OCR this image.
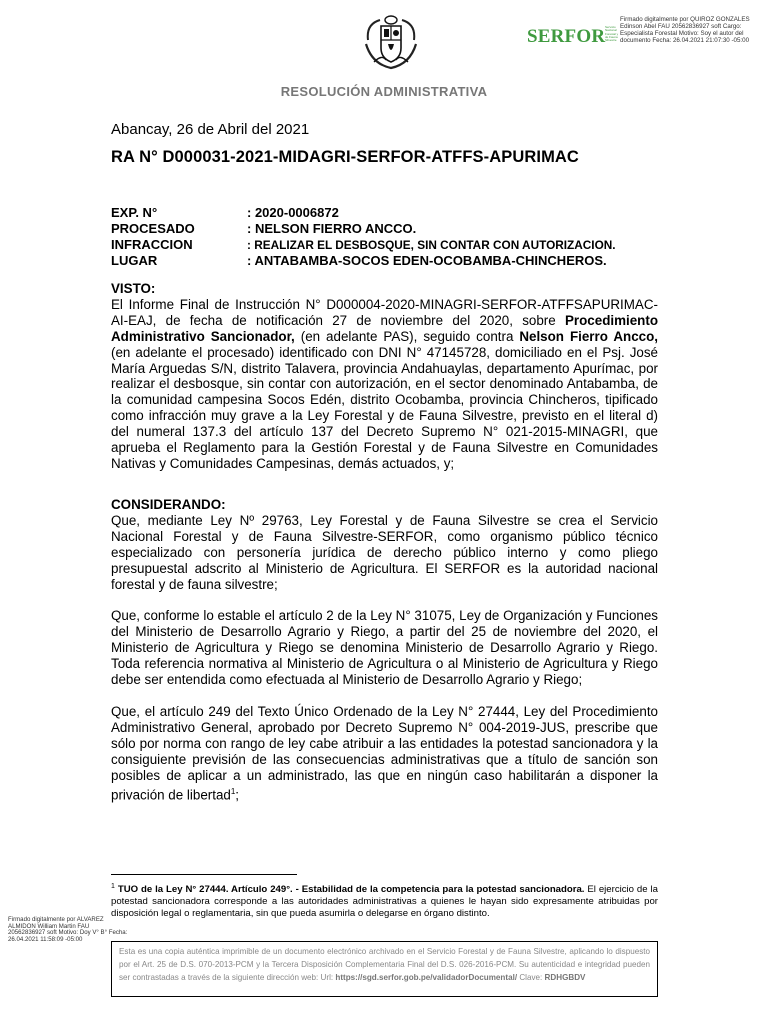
SERFOR Servicio Nacional Forestal y de Fauna Silvestre
Firmado digitalmente por QUIROZ GONZALES Edinson Abel FAU 20562836927 soft Cargo: Especialista Forestal Motivo: Soy el autor del documento Fecha: 26.04.2021 21:07:30 -05:00
RESOLUCIÓN ADMINISTRATIVA
Abancay, 26 de Abril del 2021
RA N° D000031-2021-MIDAGRI-SERFOR-ATFFS-APURIMAC
EXP. N°	: 2020-0006872
PROCESADO	: NELSON FIERRO ANCCO.
INFRACCION	: REALIZAR EL DESBOSQUE, SIN CONTAR CON AUTORIZACION.
LUGAR	: ANTABAMBA-SOCOS EDEN-OCOBAMBA-CHINCHEROS.
VISTO:

El Informe Final de Instrucción N° D000004-2020-MINAGRI-SERFOR-ATFFSAPURIMAC-AI-EAJ, de fecha de notificación 27 de noviembre del 2020, sobre Procedimiento Administrativo Sancionador, (en adelante PAS), seguido contra Nelson Fierro Ancco, (en adelante el procesado) identificado con DNI N° 47145728, domiciliado en el Psj. José María Arguedas S/N, distrito Talavera, provincia Andahuaylas, departamento Apurímac, por realizar el desbosque, sin contar con autorización, en el sector denominado Antabamba, de la comunidad campesina Socos Edén, distrito Ocobamba, provincia Chincheros, tipificado como infracción muy grave a la Ley Forestal y de Fauna Silvestre, previsto en el literal d) del numeral 137.3 del artículo 137 del Decreto Supremo N° 021-2015-MINAGRI, que aprueba el Reglamento para la Gestión Forestal y de Fauna Silvestre en Comunidades Nativas y Comunidades Campesinas, demás actuados, y;

CONSIDERANDO:

Que, mediante Ley Nº 29763, Ley Forestal y de Fauna Silvestre se crea el Servicio Nacional Forestal y de Fauna Silvestre-SERFOR, como organismo público técnico especializado con personería jurídica de derecho público interno y como pliego presupuestal adscrito al Ministerio de Agricultura. El SERFOR es la autoridad nacional forestal y de fauna silvestre;

Que, conforme lo estable el artículo 2 de la Ley N° 31075, Ley de Organización y Funciones del Ministerio de Desarrollo Agrario y Riego, a partir del 25 de noviembre del 2020, el Ministerio de Agricultura y Riego se denomina Ministerio de Desarrollo Agrario y Riego. Toda referencia normativa al Ministerio de Agricultura o al Ministerio de Agricultura y Riego debe ser entendida como efectuada al Ministerio de Desarrollo Agrario y Riego;

Que, el artículo 249 del Texto Único Ordenado de la Ley N° 27444, Ley del Procedimiento Administrativo General, aprobado por Decreto Supremo N° 004-2019-JUS, prescribe que sólo por norma con rango de ley cabe atribuir a las entidades la potestad sancionadora y la consiguiente previsión de las consecuencias administrativas que a título de sanción son posibles de aplicar a un administrado, las que en ningún caso habilitarán a disponer la privación de libertad$^1$;

$^1$ TUO de la Ley N° 27444. Artículo 249°. - Estabilidad de la competencia para la potestad sancionadora. El ejercicio de la potestad sancionadora corresponde a las autoridades administrativas a quienes le hayan sido expresamente atribuidas por disposición legal o reglamentaria, sin que pueda asumirla o delegarse en órgano distinto.
Firmado digitalmente por ALVAREZ ALMIDON William Martin FAU 20562836927 soft Motivo: Doy V° B° Fecha: 26.04.2021 11:58:09 -05:00
Esta es una copia auténtica imprimible de un documento electrónico archivado en el Servicio Forestal y de Fauna Silvestre, aplicando lo dispuesto por el Art. 25 de D.S. 070-2013-PCM y la Tercera Disposición Complementaria Final del D.S. 026-2016-PCM. Su autenticidad e integridad pueden ser contrastadas a través de la siguiente dirección web: Url: https://sgd.serfor.gob.pe/validadorDocumental/ Clave: RDHGBDV
